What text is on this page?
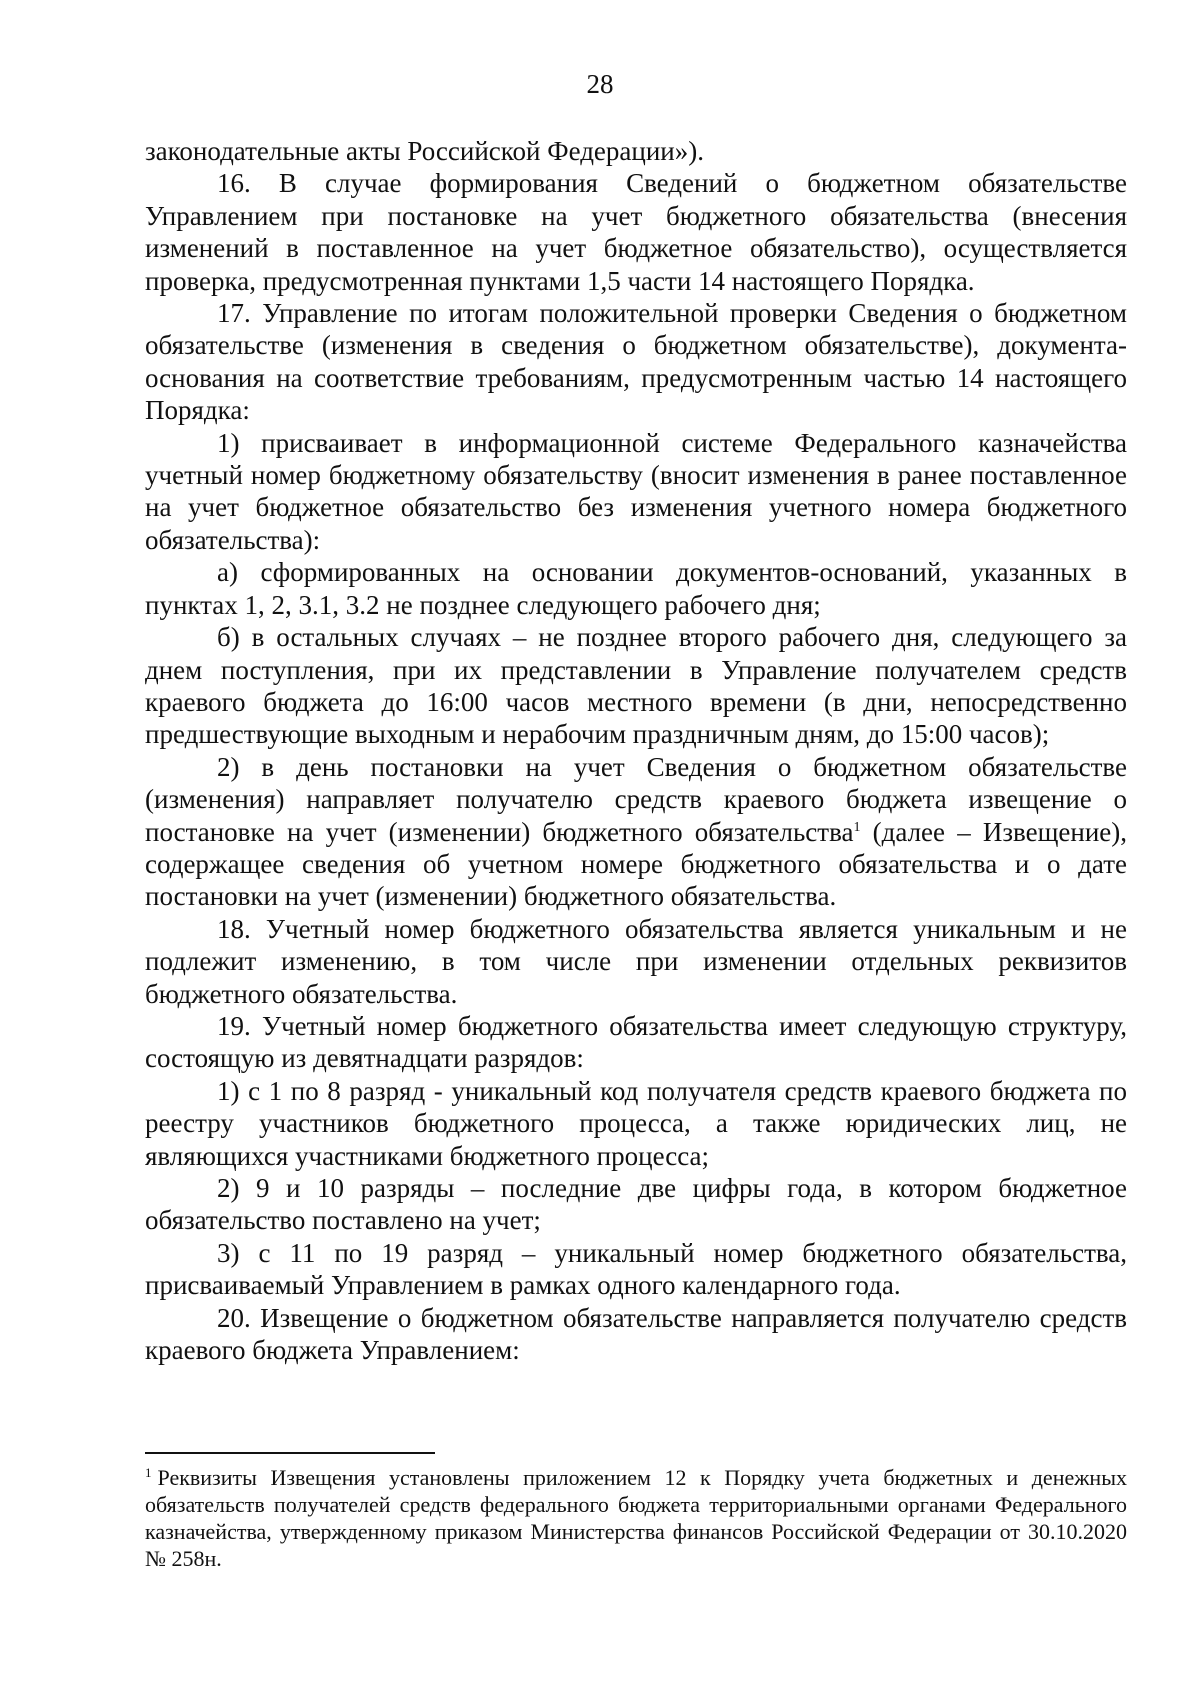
28

законодательные акты Российской Федерации»).

16. В случае формирования Сведений о бюджетном обязательстве Управлением при постановке на учет бюджетного обязательства (внесения изменений в поставленное на учет бюджетное обязательство), осуществляется проверка, предусмотренная пунктами 1,5 части 14 настоящего Порядка.

17. Управление по итогам положительной проверки Сведения о бюджетном обязательстве (изменения в сведения о бюджетном обязательстве), документа-основания на соответствие требованиям, предусмотренным частью 14 настоящего Порядка:

1) присваивает в информационной системе Федерального казначейства учетный номер бюджетному обязательству (вносит изменения в ранее поставленное на учет бюджетное обязательство без изменения учетного номера бюджетного обязательства):

а) сформированных на основании документов-оснований, указанных в пунктах 1, 2, 3.1, 3.2 не позднее следующего рабочего дня;

б) в остальных случаях – не позднее второго рабочего дня, следующего за днем поступления, при их представлении в Управление получателем средств краевого бюджета до 16:00 часов местного времени (в дни, непосредственно предшествующие выходным и нерабочим праздничным дням, до 15:00 часов);

2) в день постановки на учет Сведения о бюджетном обязательстве (изменения) направляет получателю средств краевого бюджета извещение о постановке на учет (изменении) бюджетного обязательства$^1$ (далее – Извещение), содержащее сведения об учетном номере бюджетного обязательства и о дате постановки на учет (изменении) бюджетного обязательства.

18. Учетный номер бюджетного обязательства является уникальным и не подлежит изменению, в том числе при изменении отдельных реквизитов бюджетного обязательства.

19. Учетный номер бюджетного обязательства имеет следующую структуру, состоящую из девятнадцати разрядов:

1) с 1 по 8 разряд - уникальный код получателя средств краевого бюджета по реестру участников бюджетного процесса, а также юридических лиц, не являющихся участниками бюджетного процесса;

2) 9 и 10 разряды – последние две цифры года, в котором бюджетное обязательство поставлено на учет;

3) с 11 по 19 разряд – уникальный номер бюджетного обязательства, присваиваемый Управлением в рамках одного календарного года.

20. Извещение о бюджетном обязательстве направляется получателю средств краевого бюджета Управлением:

$^1$ Реквизиты Извещения установлены приложением 12 к Порядку учета бюджетных и денежных обязательств получателей средств федерального бюджета территориальными органами Федерального казначейства, утвержденному приказом Министерства финансов Российской Федерации от 30.10.2020 № 258н.
